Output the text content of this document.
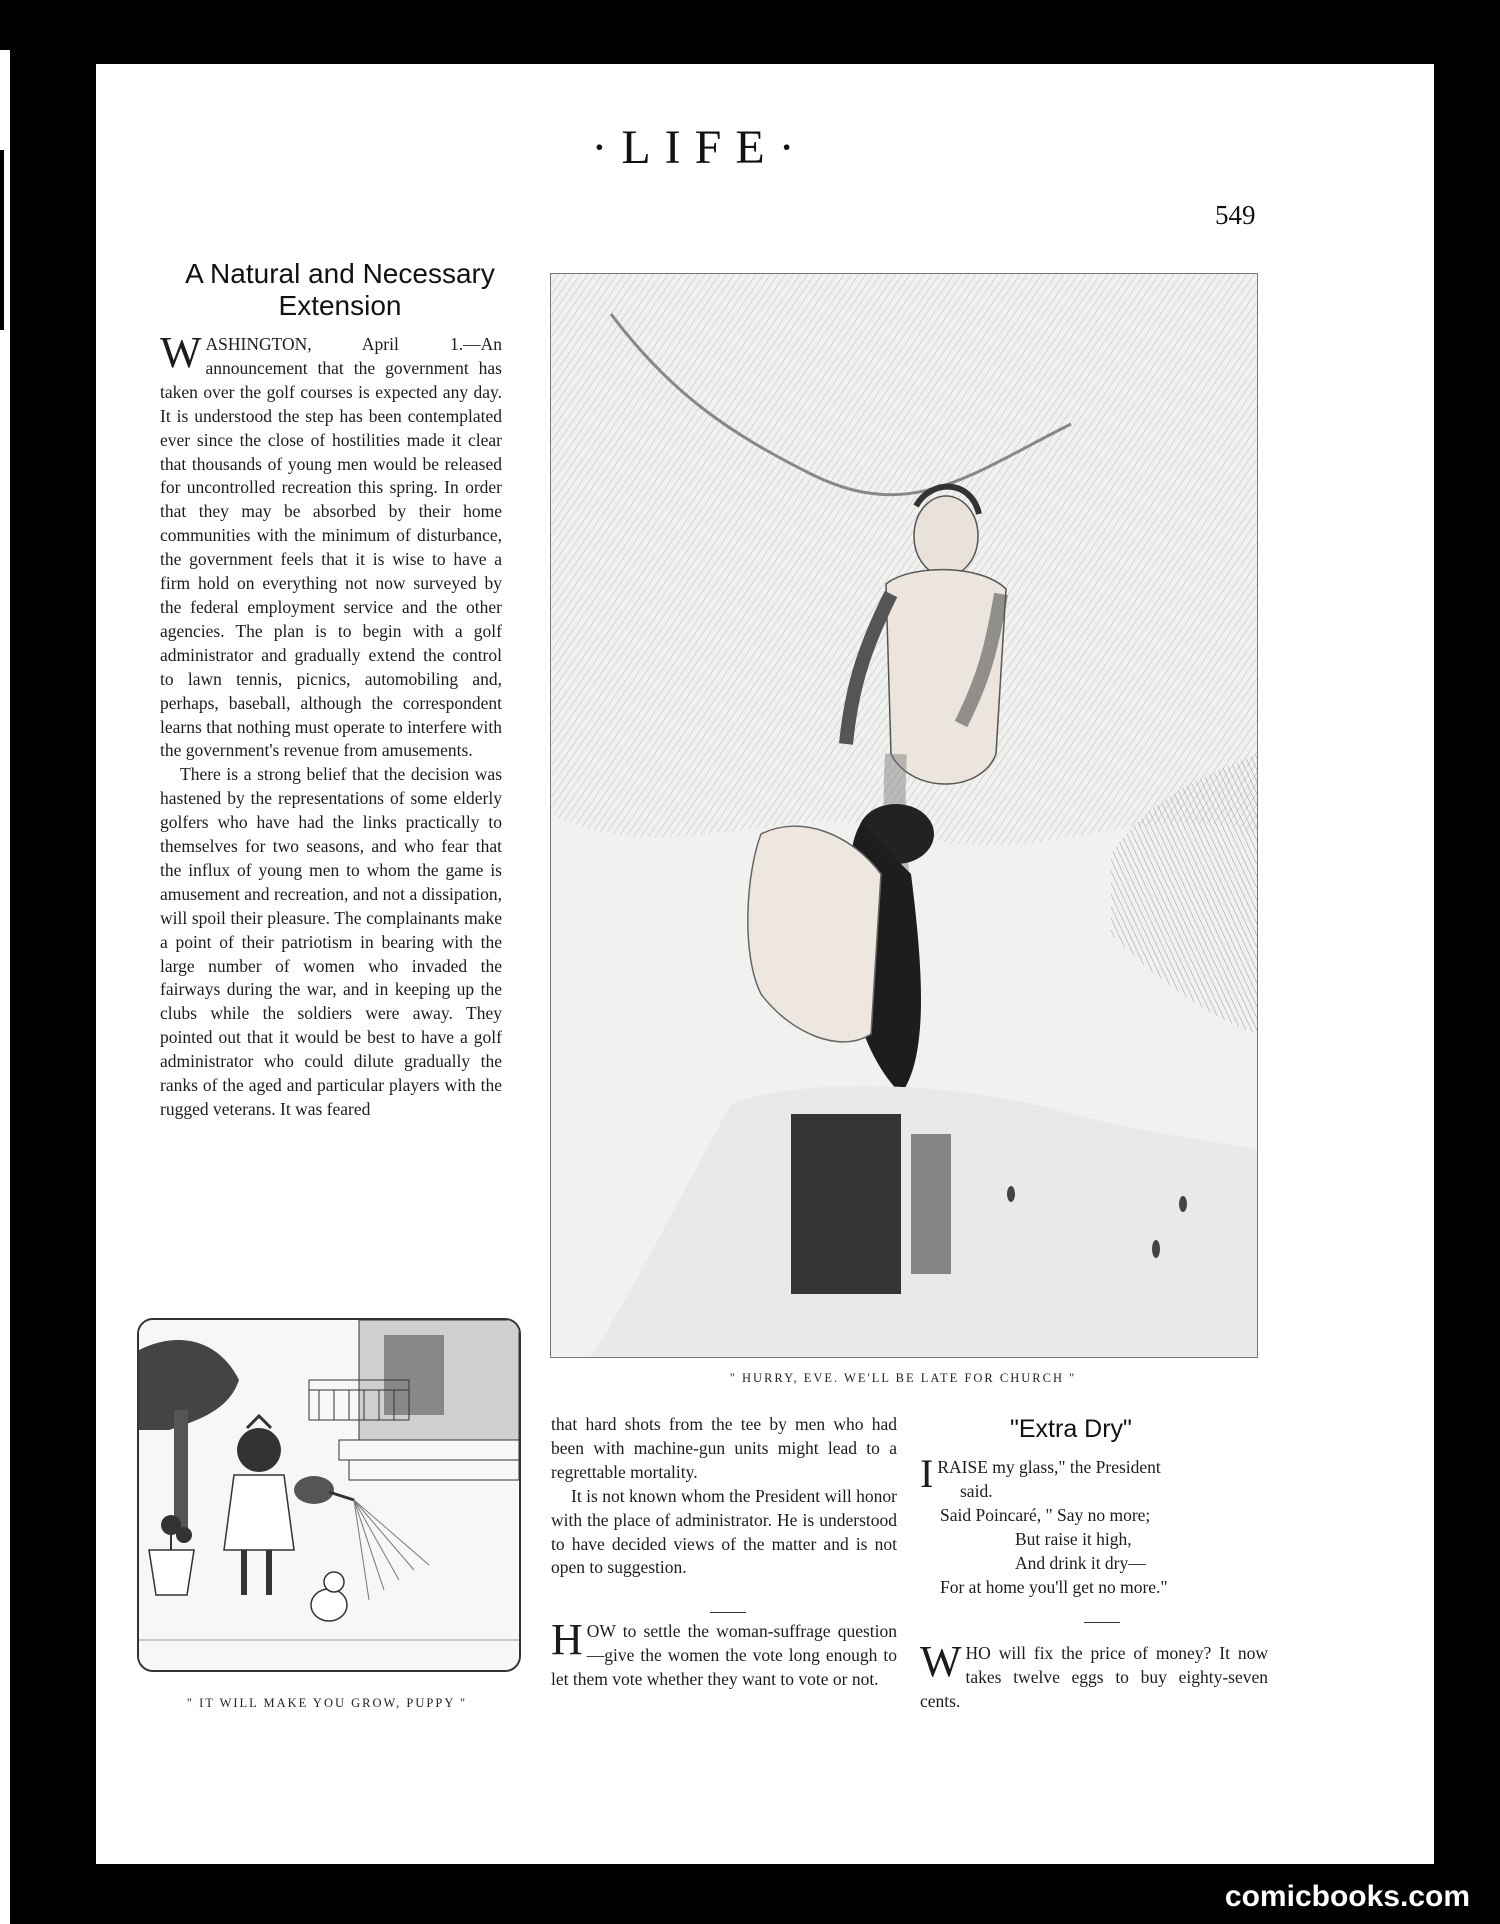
·LIFE·
549
A Natural and Necessary
Extension

WASHINGTON, April 1.—An announcement that the government has taken over the golf courses is expected any day. It is understood the step has been contemplated ever since the close of hostilities made it clear that thousands of young men would be released for uncontrolled recreation this spring. In order that they may be absorbed by their home communities with the minimum of disturbance, the government feels that it is wise to have a firm hold on everything not now surveyed by the federal employment service and the other agencies. The plan is to begin with a golf administrator and gradually extend the control to lawn tennis, picnics, automobiling and, perhaps, baseball, although the correspondent learns that nothing must operate to interfere with the government's revenue from amusements.

There is a strong belief that the decision was hastened by the representations of some elderly golfers who have had the links practically to themselves for two seasons, and who fear that the influx of young men to whom the game is amusement and recreation, and not a dissipation, will spoil their pleasure. The complainants make a point of their patriotism in bearing with the large number of women who invaded the fairways during the war, and in keeping up the clubs while the soldiers were away. They pointed out that it would be best to have a golf administrator who could dilute gradually the ranks of the aged and particular players with the rugged veterans. It was feared

" HURRY, EVE. WE'LL BE LATE FOR CHURCH "
" IT WILL MAKE YOU GROW, PUPPY "

that hard shots from the tee by men who had been with machine-gun units might lead to a regrettable mortality.

It is not known whom the President will honor with the place of administrator. He is understood to have decided views of the matter and is not open to suggestion.

HOW to settle the woman-suffrage question—give the women the vote long enough to let them vote whether they want to vote or not.

"Extra Dry"
IRAISE my glass," the President
said.
Said Poincaré, " Say no more;
But raise it high,
And drink it dry—
For at home you'll get no more."

WHO will fix the price of money? It now takes twelve eggs to buy eighty-seven cents.

comicbooks.com
